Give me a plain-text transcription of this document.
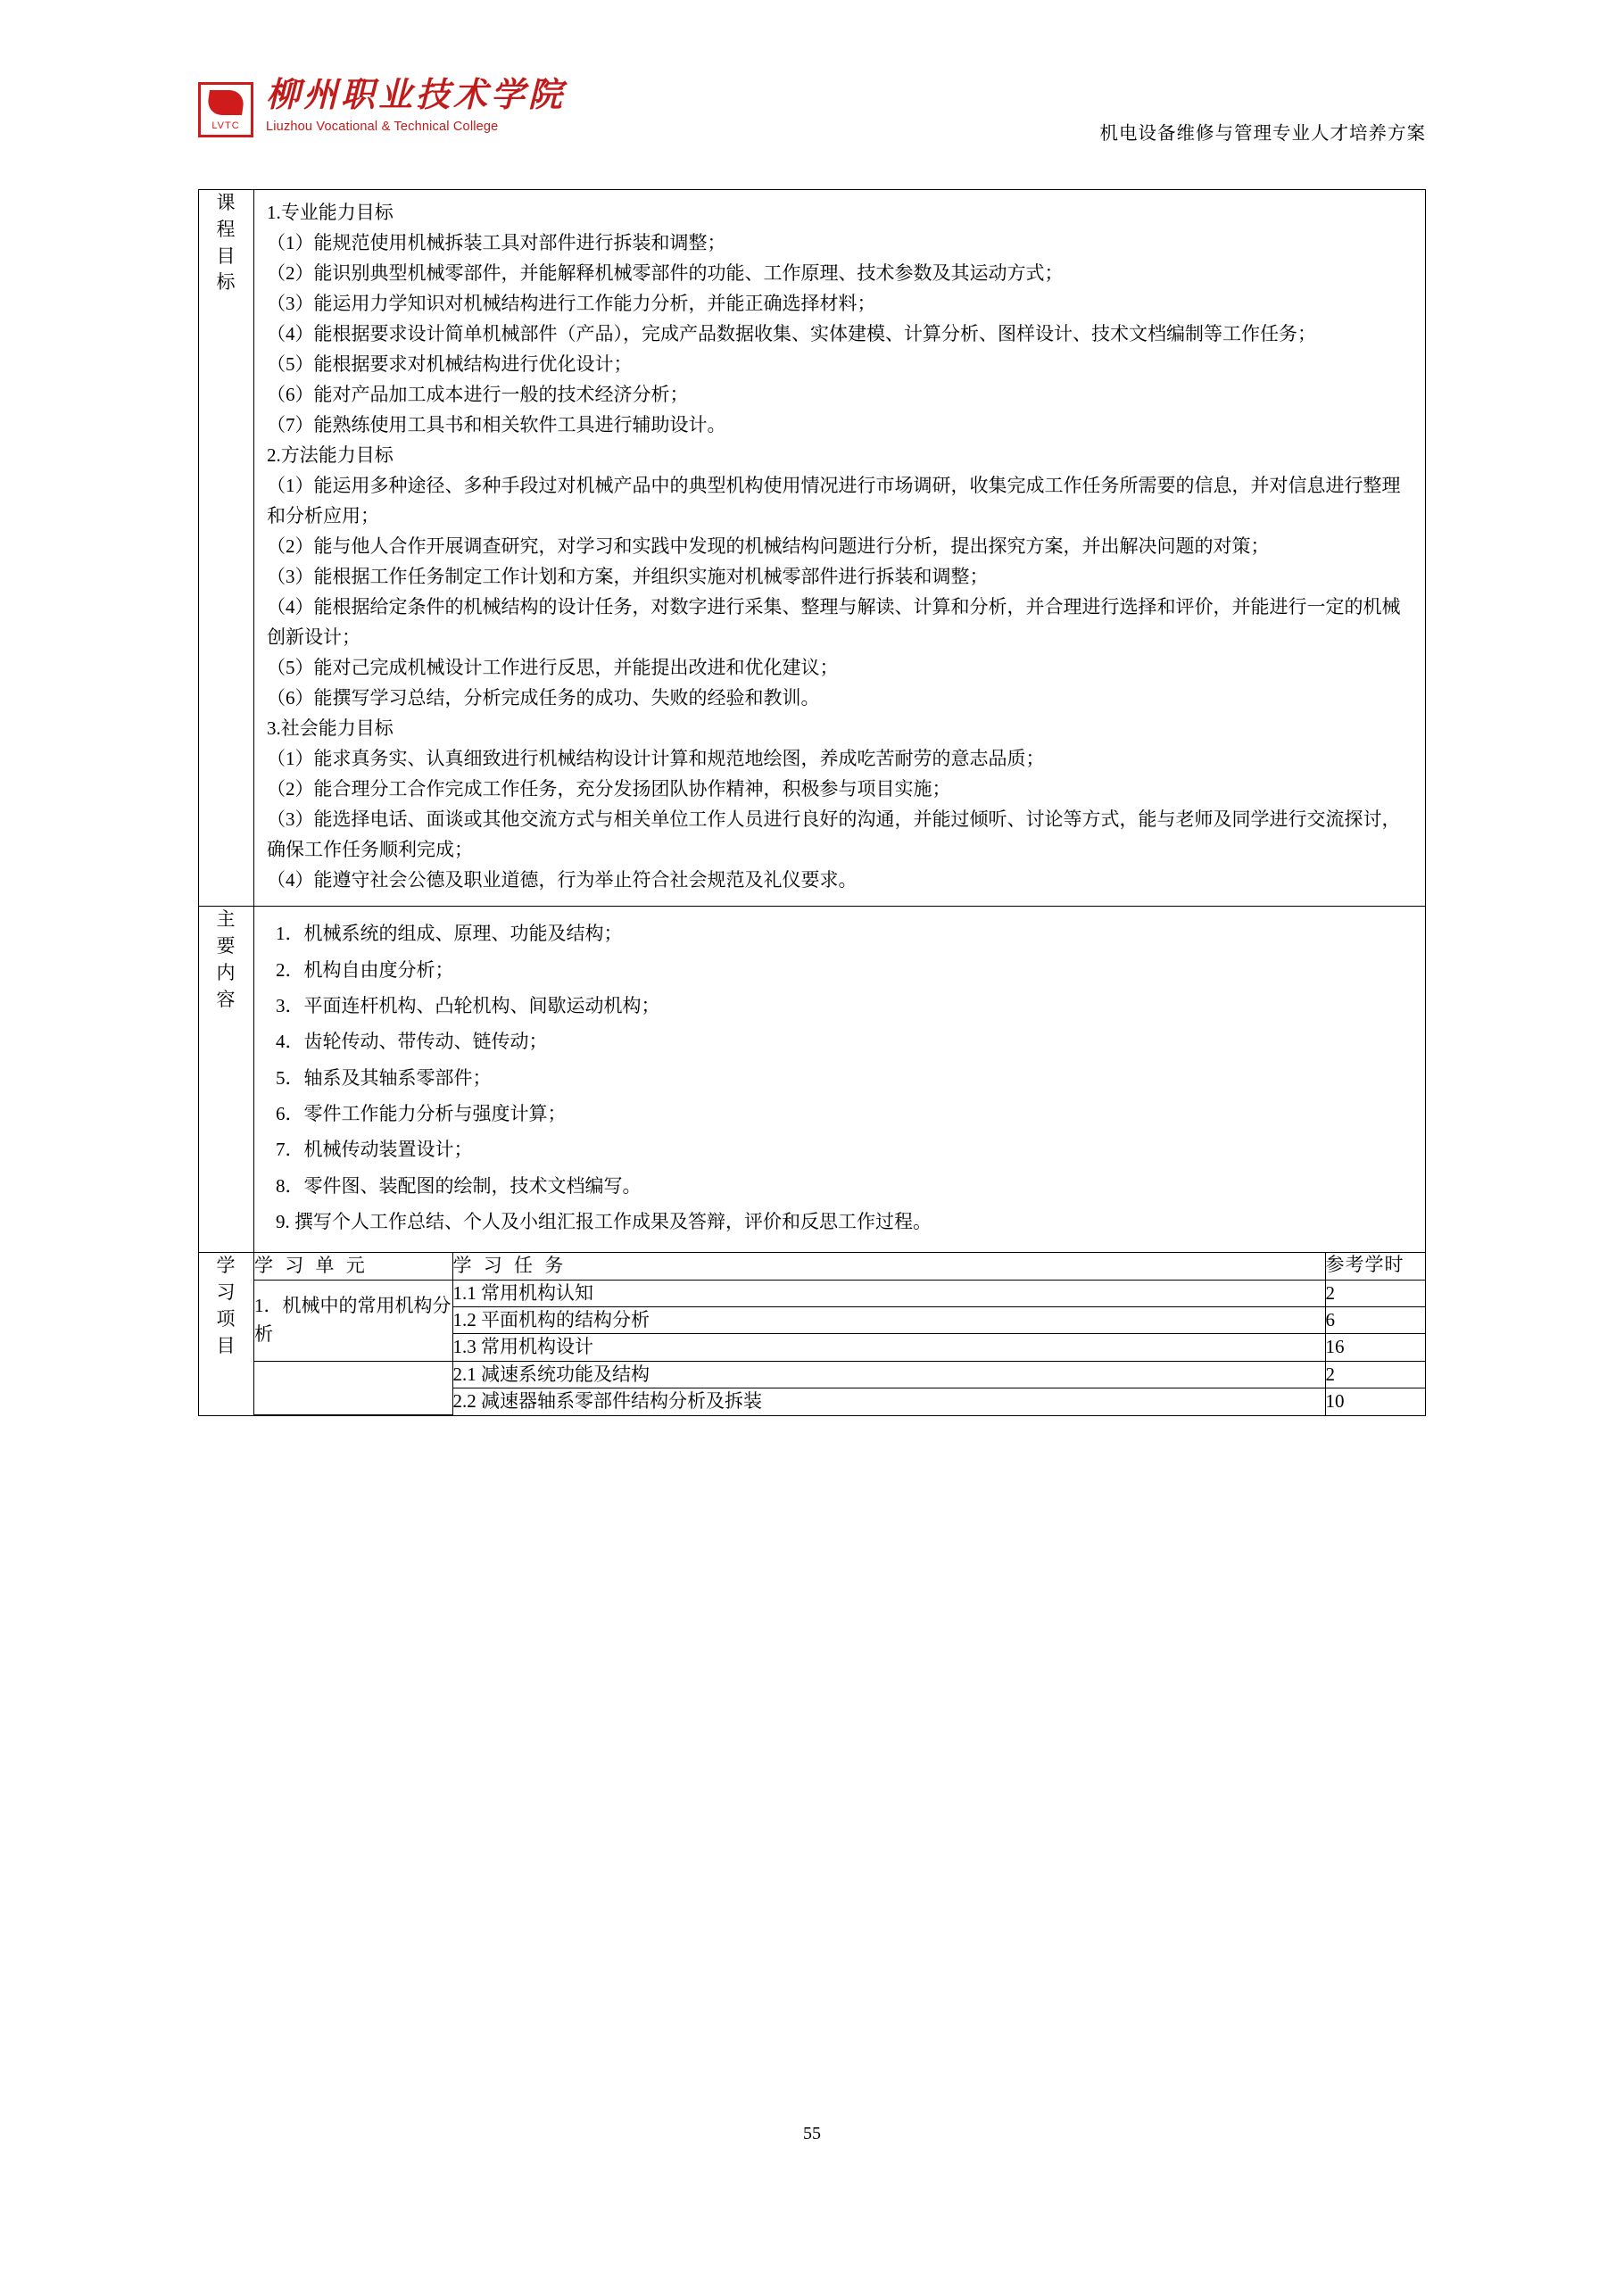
LVTC
柳州职业技术学院
Liuzhou Vocational & Technical College	机电设备维修与管理专业人才培养方案
课
程
目
标

1.专业能力目标

（1）能规范使用机械拆装工具对部件进行拆装和调整；

（2）能识别典型机械零部件，并能解释机械零部件的功能、工作原理、技术参数及其运动方式；

（3）能运用力学知识对机械结构进行工作能力分析，并能正确选择材料；

（4）能根据要求设计简单机械部件（产品），完成产品数据收集、实体建模、计算分析、图样设计、技术文档编制等工作任务；

（5）能根据要求对机械结构进行优化设计；

（6）能对产品加工成本进行一般的技术经济分析；

（7）能熟练使用工具书和相关软件工具进行辅助设计。

2.方法能力目标

（1）能运用多种途径、多种手段过对机械产品中的典型机构使用情况进行市场调研，收集完成工作任务所需要的信息，并对信息进行整理和分析应用；

（2）能与他人合作开展调查研究，对学习和实践中发现的机械结构问题进行分析，提出探究方案，并出解决问题的对策；

（3）能根据工作任务制定工作计划和方案，并组织实施对机械零部件进行拆装和调整；

（4）能根据给定条件的机械结构的设计任务，对数字进行采集、整理与解读、计算和分析，并合理进行选择和评价，并能进行一定的机械创新设计；

（5）能对己完成机械设计工作进行反思，并能提出改进和优化建议；

（6）能撰写学习总结，分析完成任务的成功、失败的经验和教训。

3.社会能力目标

（1）能求真务实、认真细致进行机械结构设计计算和规范地绘图，养成吃苦耐劳的意志品质；

（2）能合理分工合作完成工作任务，充分发扬团队协作精神，积极参与项目实施；

（3）能选择电话、面谈或其他交流方式与相关单位工作人员进行良好的沟通，并能过倾听、讨论等方式，能与老师及同学进行交流探讨，确保工作任务顺利完成；

（4）能遵守社会公德及职业道德，行为举止符合社会规范及礼仪要求。

主
要
内
容

1．机械系统的组成、原理、功能及结构；

2．机构自由度分析；

3．平面连杆机构、凸轮机构、间歇运动机构；

4．齿轮传动、带传动、链传动；

5．轴系及其轴系零部件；

6．零件工作能力分析与强度计算；

7．机械传动装置设计；

8．零件图、装配图的绘制，技术文档编写。

9. 撰写个人工作总结、个人及小组汇报工作成果及答辩，评价和反思工作过程。

学
习
项
目

学 习 单 元	学 习 任 务	参考学时
1．机械中的常用机构分析	1.1 常用机构认知	2
1.2 平面机构的结构分析	6
1.3 常用机构设计	16
	2.1 减速系统功能及结构	2
2.2 减速器轴系零部件结构分析及拆装	10
55
